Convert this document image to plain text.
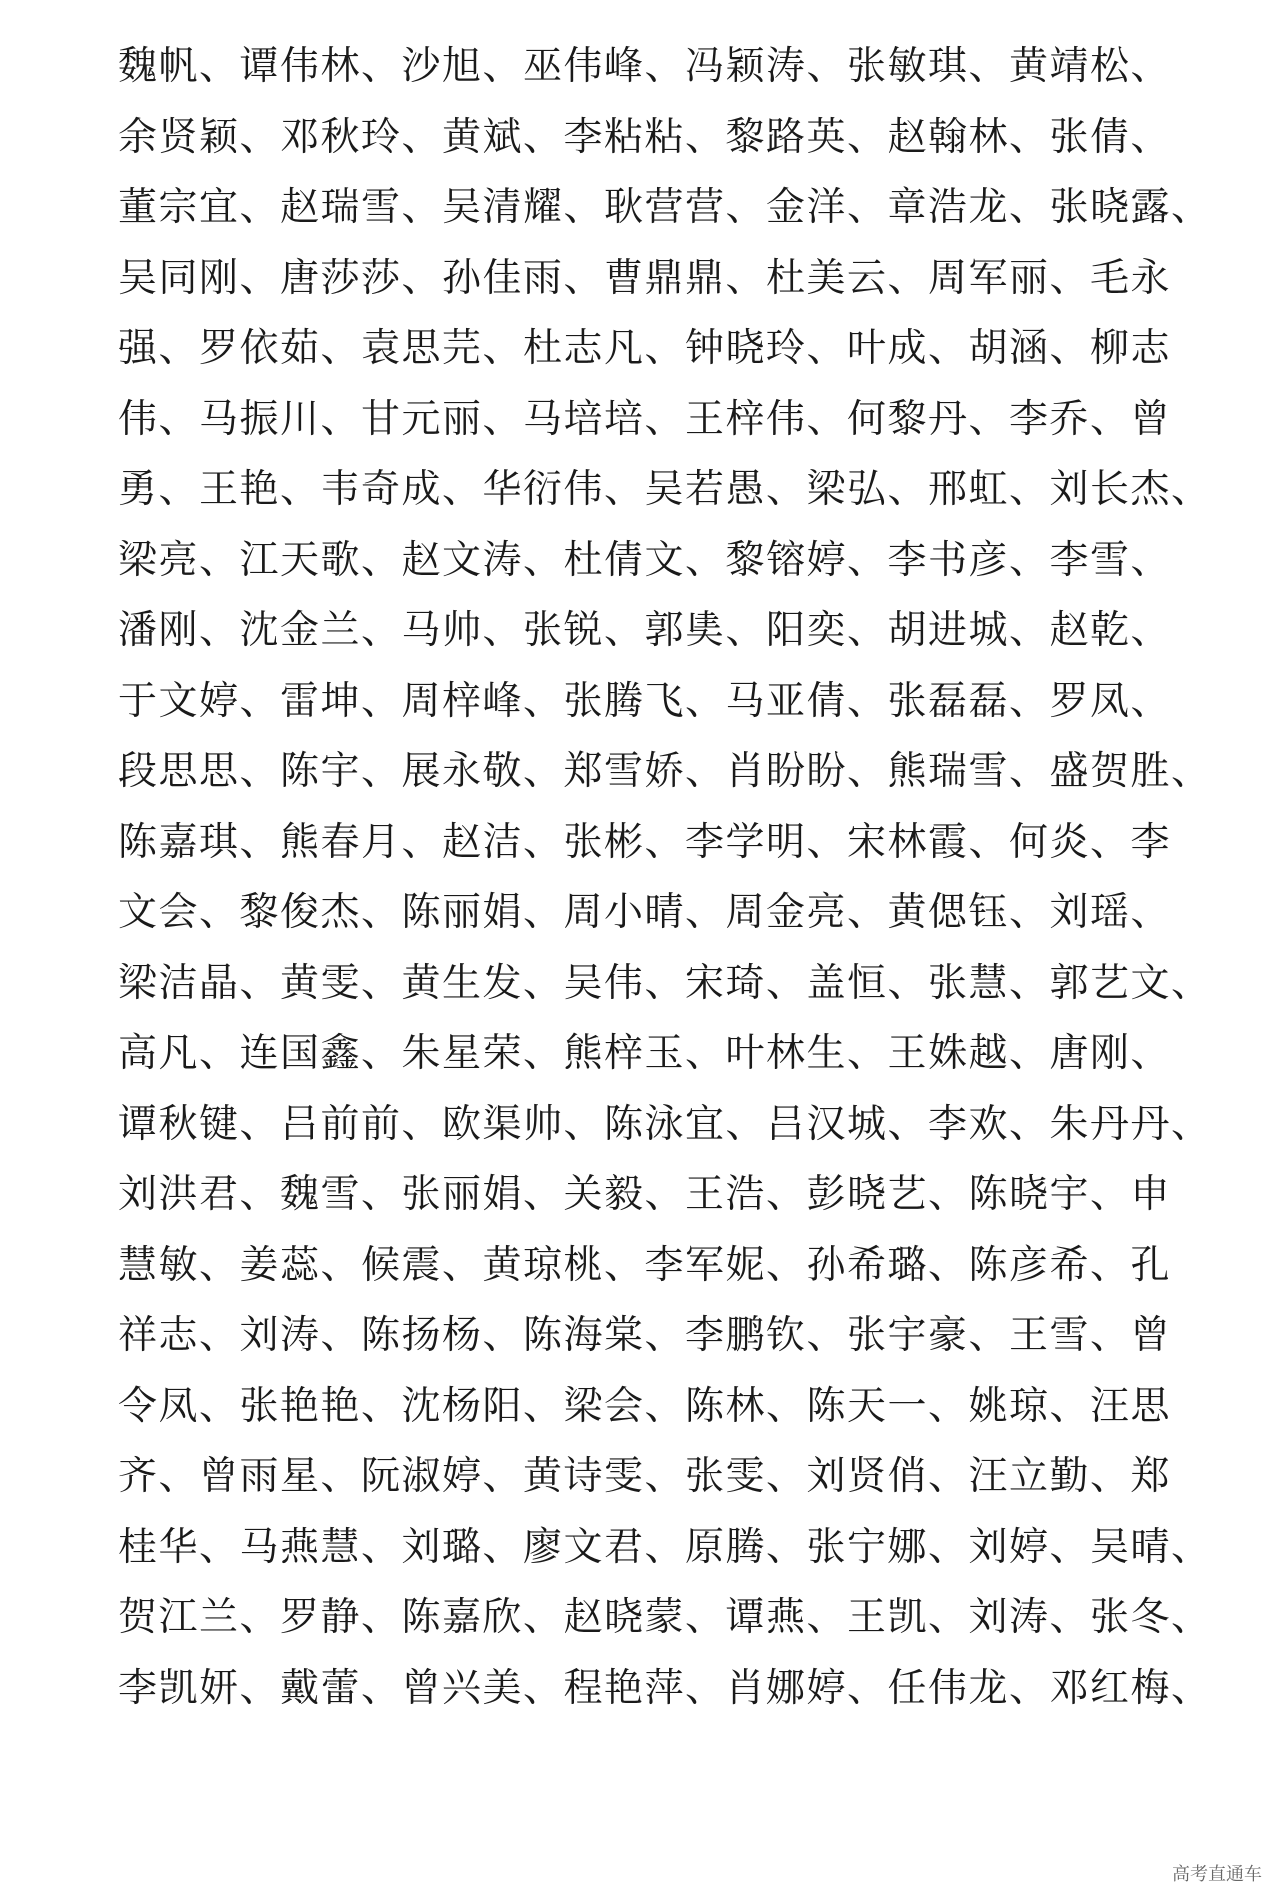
魏帆、谭伟林、沙旭、巫伟峰、冯颖涛、张敏琪、黄靖松、
余贤颖、邓秋玲、黄斌、李粘粘、黎路英、赵翰林、张倩、
董宗宜、赵瑞雪、吴清耀、耿营营、金洋、章浩龙、张晓露、
吴同刚、唐莎莎、孙佳雨、曹鼎鼎、杜美云、周军丽、毛永
强、罗依茹、袁思芫、杜志凡、钟晓玲、叶成、胡涵、柳志
伟、马振川、甘元丽、马培培、王梓伟、何黎丹、李乔、曾
勇、王艳、韦奇成、华衍伟、吴若愚、梁弘、邢虹、刘长杰、
梁亮、江天歌、赵文涛、杜倩文、黎镕婷、李书彦、李雪、
潘刚、沈金兰、马帅、张锐、郭奊、阳奕、胡进城、赵乾、
于文婷、雷坤、周梓峰、张腾飞、马亚倩、张磊磊、罗凤、
段思思、陈宇、展永敬、郑雪娇、肖盼盼、熊瑞雪、盛贺胜、
陈嘉琪、熊春月、赵洁、张彬、李学明、宋林霞、何炎、李
文会、黎俊杰、陈丽娟、周小晴、周金亮、黄偲钰、刘瑶、
梁洁晶、黄雯、黄生发、吴伟、宋琦、盖恒、张慧、郭艺文、
高凡、连国鑫、朱星荣、熊梓玉、叶林生、王姝越、唐刚、
谭秋键、吕前前、欧渠帅、陈泳宜、吕汉城、李欢、朱丹丹、
刘洪君、魏雪、张丽娟、关毅、王浩、彭晓艺、陈晓宇、申
慧敏、姜蕊、候震、黄琼桃、李军妮、孙希璐、陈彦希、孔
祥志、刘涛、陈扬杨、陈海棠、李鹏钦、张宇豪、王雪、曾
令凤、张艳艳、沈杨阳、梁会、陈林、陈天一、姚琼、汪思
齐、曾雨星、阮淑婷、黄诗雯、张雯、刘贤俏、汪立勤、郑
桂华、马燕慧、刘璐、廖文君、原腾、张宁娜、刘婷、吴晴、
贺江兰、罗静、陈嘉欣、赵晓蒙、谭燕、王凯、刘涛、张冬、
李凯妍、戴蕾、曾兴美、程艳萍、肖娜婷、任伟龙、邓红梅、
高考直通车
